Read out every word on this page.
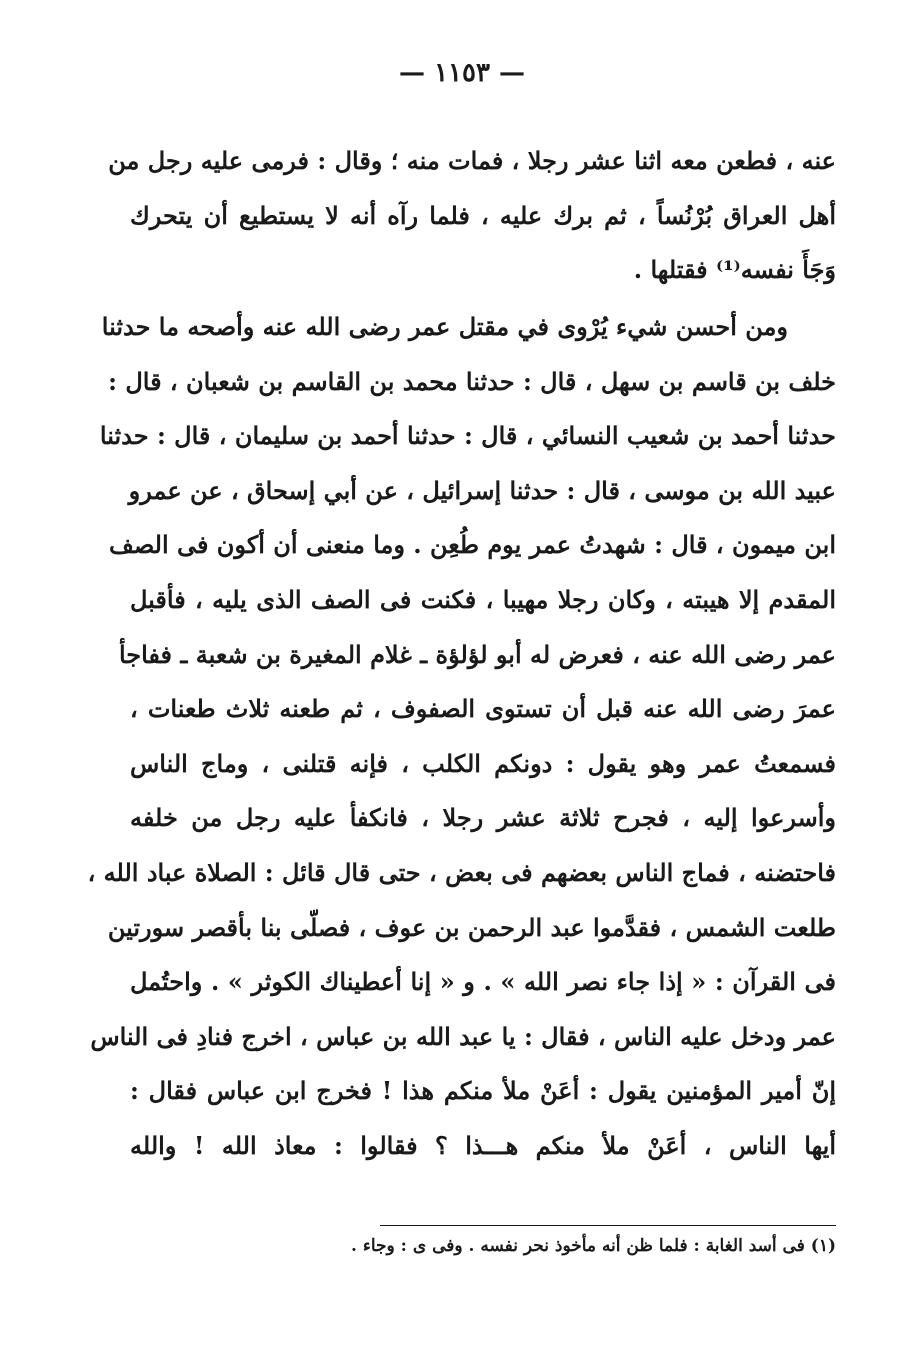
— ١١٥٣ —
عنه ، فطعن معه اثنا عشر رجلا ، فمات منه ؛ وقال : فرمى عليه رجل من
أهل العراق بُرْنُساً ، ثم برك عليه ، فلما رآه أنه لا يستطيع أن يتحرك
وَجَأَ نفسه⁽¹⁾ فقتلها .
ومن أحسن شيء يُرْوى في مقتل عمر رضى الله عنه وأصحه ما حدثنا
خلف بن قاسم بن سهل ، قال : حدثنا محمد بن القاسم بن شعبان ، قال :
حدثنا أحمد بن شعيب النسائي ، قال : حدثنا أحمد بن سليمان ، قال : حدثنا
عبيد الله بن موسى ، قال : حدثنا إسرائيل ، عن أبي إسحاق ، عن عمرو
ابن ميمون ، قال : شهدتُ عمر يوم طُعِن . وما منعنى أن أكون فى الصف
المقدم إلا هيبته ، وكان رجلا مهيبا ، فكنت فى الصف الذى يليه ، فأقبل
عمر رضى الله عنه ، فعرض له أبو لؤلؤة ـ غلام المغيرة بن شعبة ـ ففاجأ
عمرَ رضى الله عنه قبل أن تستوى الصفوف ، ثم طعنه ثلاث طعنات ،
فسمعتُ عمر وهو يقول : دونكم الكلب ، فإنه قتلنى ، وماج الناس
وأسرعوا إليه ، فجرح ثلاثة عشر رجلا ، فانكفأ عليه رجل من خلفه
فاحتضنه ، فماج الناس بعضهم فى بعض ، حتى قال قائل : الصلاة عباد الله ،
طلعت الشمس ، فقدَّموا عبد الرحمن بن عوف ، فصلّى بنا بأقصر سورتين
فى القرآن : « إذا جاء نصر الله » . و « إنا أعطيناك الكوثر » . واحتُمل
عمر ودخل عليه الناس ، فقال : يا عبد الله بن عباس ، اخرج فنادِ فى الناس
إنّ أمير المؤمنين يقول : أعَنْ ملأ منكم هذا ! فخرج ابن عباس فقال :
أيها الناس ، أعَنْ ملأ منكم هـــذا ؟ فقالوا : معاذ الله ! والله
(١) فى أسد الغابة : فلما ظن أنه مأخوذ نحر نفسه . وفى ى : وجاء .
